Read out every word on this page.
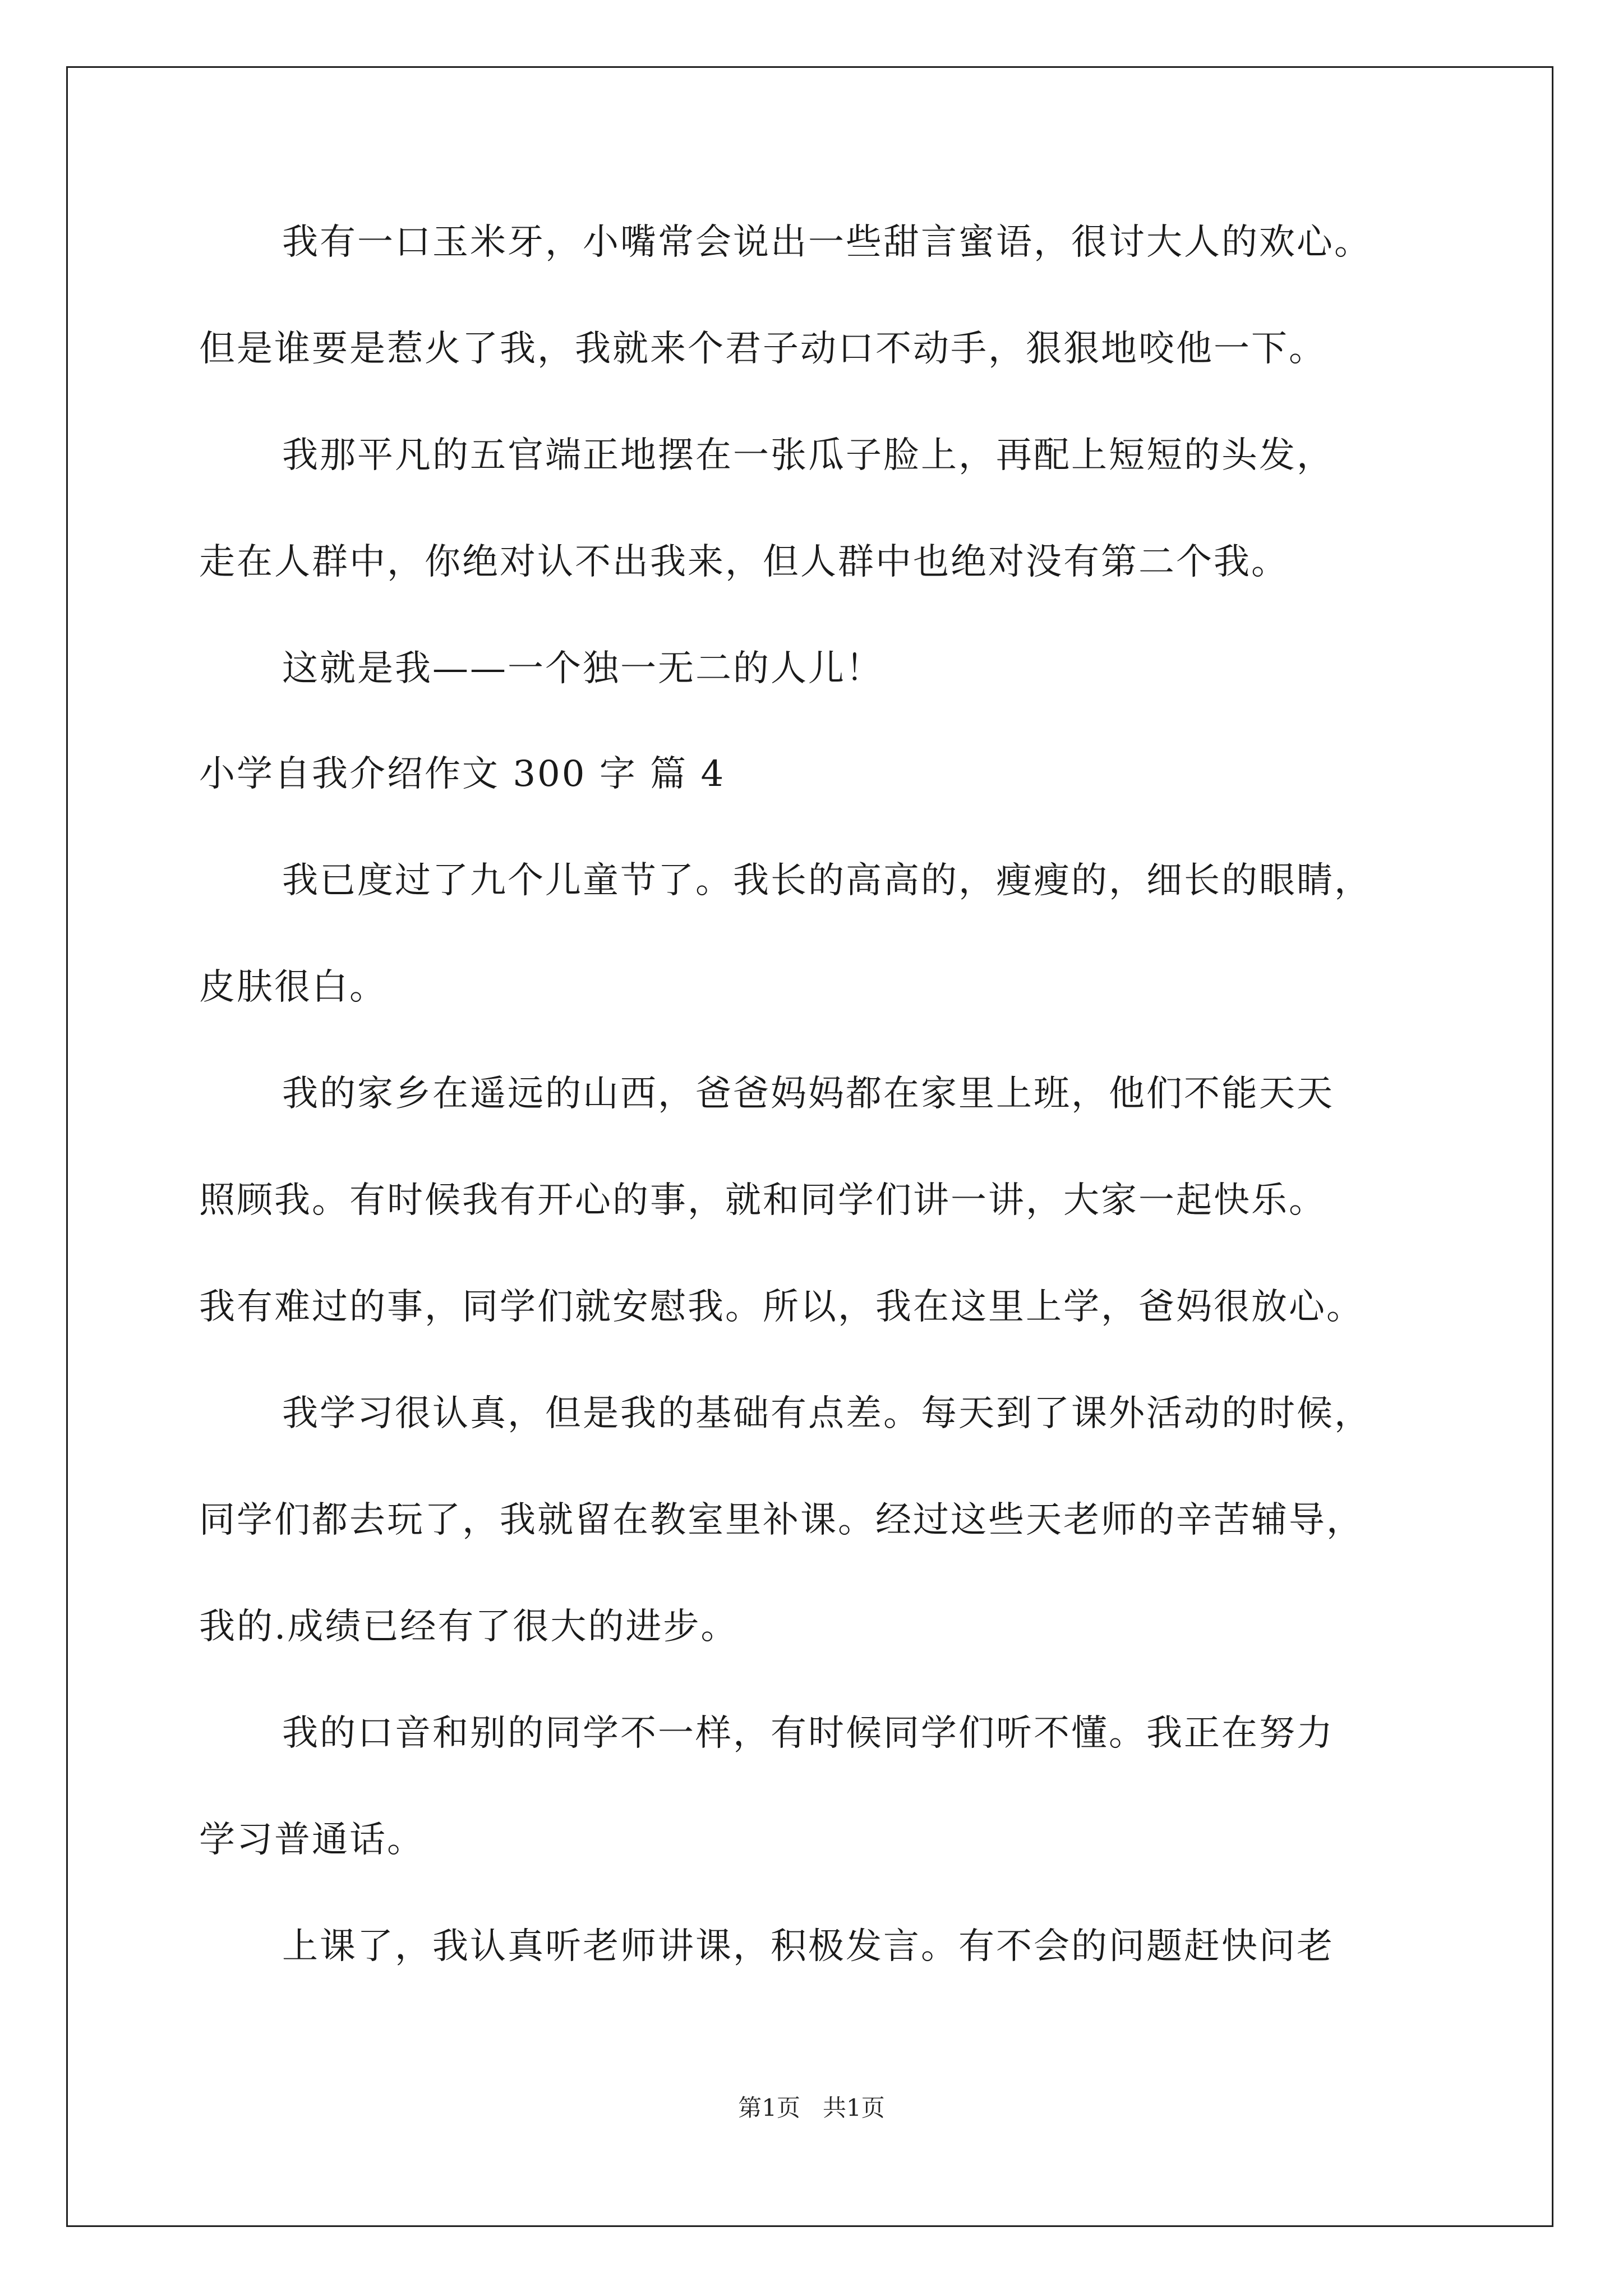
我有一口玉米牙，小嘴常会说出一些甜言蜜语，很讨大人的欢心。
但是谁要是惹火了我，我就来个君子动口不动手，狠狠地咬他一下。
我那平凡的五官端正地摆在一张瓜子脸上，再配上短短的头发，
走在人群中，你绝对认不出我来，但人群中也绝对没有第二个我。
这就是我——一个独一无二的人儿！
小学自我介绍作文 300 字 篇 4
我已度过了九个儿童节了。我长的高高的，瘦瘦的，细长的眼睛，
皮肤很白。
我的家乡在遥远的山西，爸爸妈妈都在家里上班，他们不能天天
照顾我。有时候我有开心的事，就和同学们讲一讲，大家一起快乐。
我有难过的事，同学们就安慰我。所以，我在这里上学，爸妈很放心。
我学习很认真，但是我的基础有点差。每天到了课外活动的时候，
同学们都去玩了，我就留在教室里补课。经过这些天老师的辛苦辅导，
我的.成绩已经有了很大的进步。
我的口音和别的同学不一样，有时候同学们听不懂。我正在努力
学习普通话。
上课了，我认真听老师讲课，积极发言。有不会的问题赶快问老
第1页   共1页
